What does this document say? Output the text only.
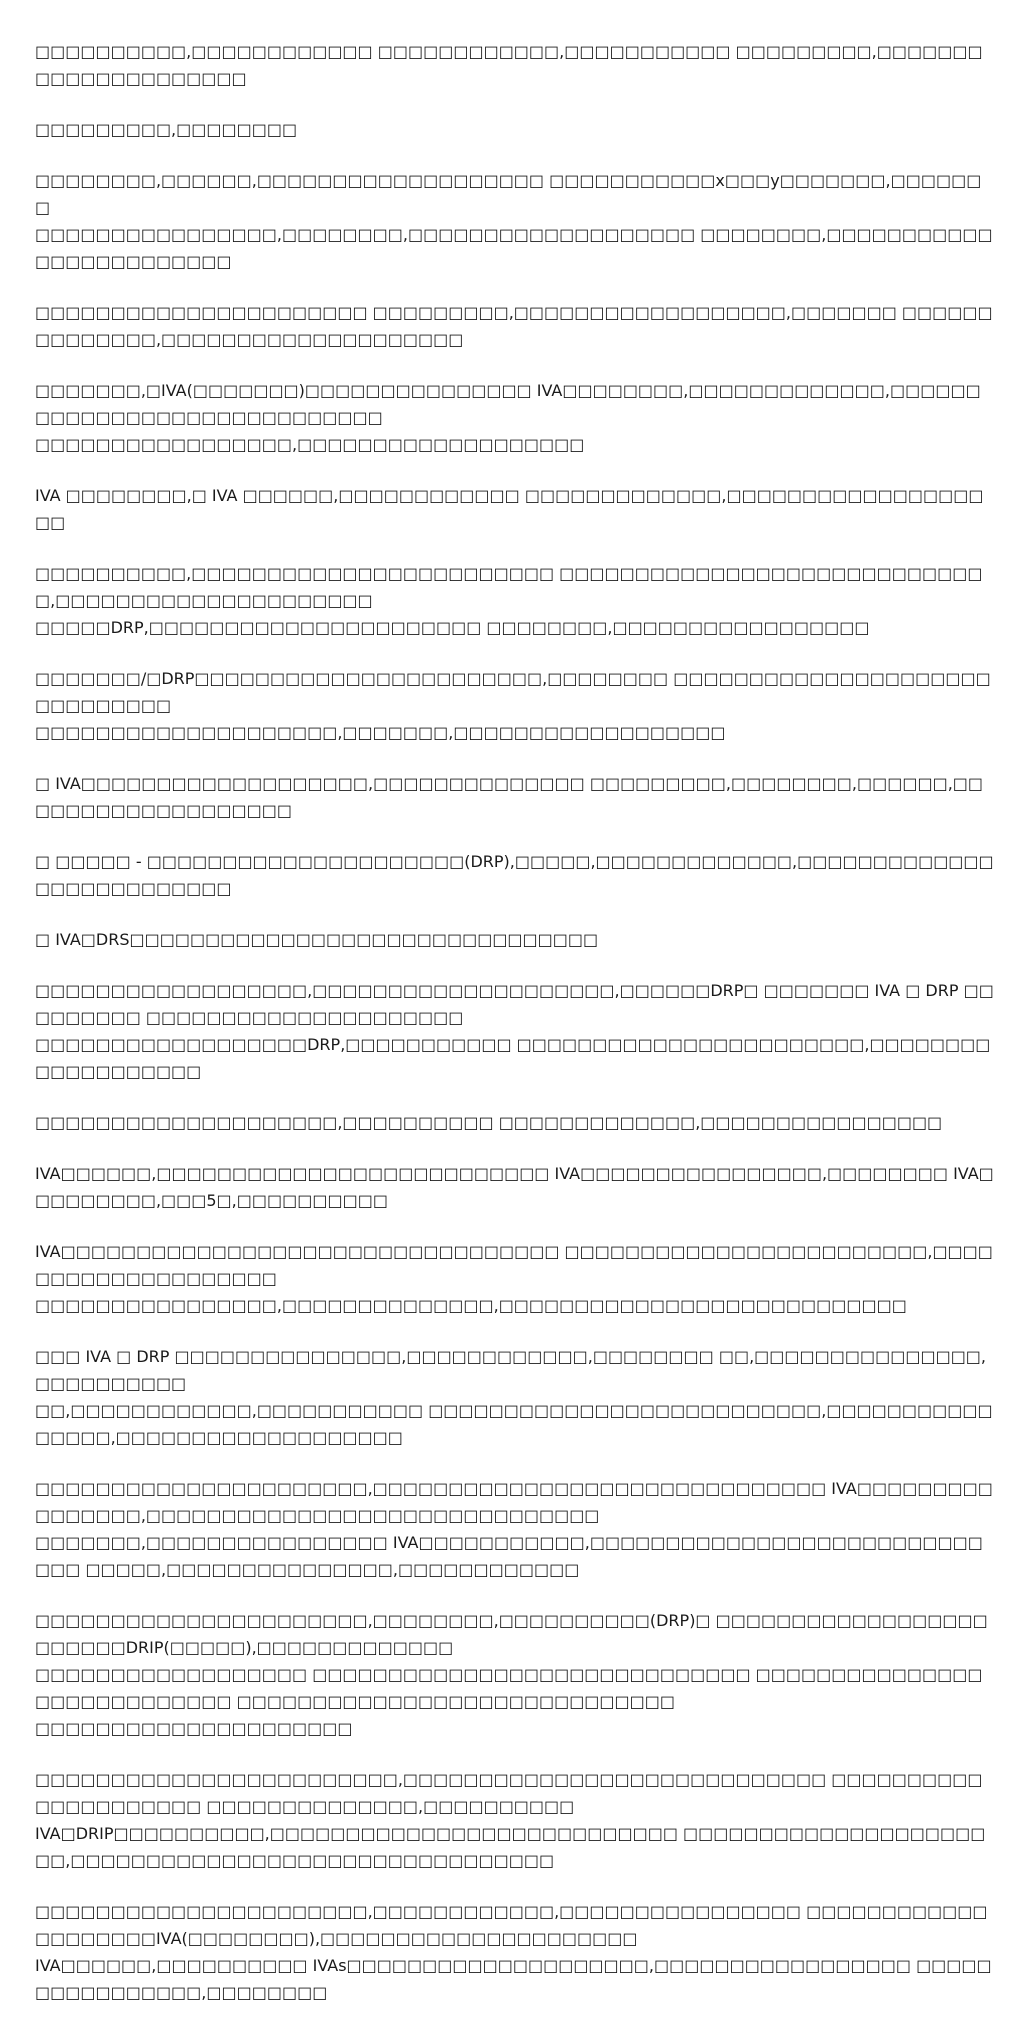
□□□□□□□□□□,□□□□□□□□□□□□ □□□□□□□□□□□□,□□□□□□□□□□□ □□□□□□□□□,□□□□□□□□□□□□□□□□□□□□□

□□□□□□□□□,□□□□□□□□

□□□□□□□□,□□□□□□,□□□□□□□□□□□□□□□□□□□ □□□□□□□□□□□x□□□y□□□□□□□,□□□□□□□
□□□□□□□□□□□□□□□□,□□□□□□□□,□□□□□□□□□□□□□□□□□□□ □□□□□□□□,□□□□□□□□□□□□□□□□□□□□□□□□

□□□□□□□□□□□□□□□□□□□□□□ □□□□□□□□□,□□□□□□□□□□□□□□□□□□,□□□□□□□ □□□□□□□□□□□□□□,□□□□□□□□□□□□□□□□□□□□

□□□□□□□,□IVA(□□□□□□□)□□□□□□□□□□□□□□□ IVA□□□□□□□□,□□□□□□□□□□□□□,□□□□□□□□□□□□□□□□□□□□□□□□□□□□□
□□□□□□□□□□□□□□□□□,□□□□□□□□□□□□□□□□□□□

IVA □□□□□□□□,□ IVA □□□□□□,□□□□□□□□□□□□ □□□□□□□□□□□□□,□□□□□□□□□□□□□□□□□□□

□□□□□□□□□□,□□□□□□□□□□□□□□□□□□□□□□□□ □□□□□□□□□□□□□□□□□□□□□□□□□□□□□,□□□□□□□□□□□□□□□□□□□□□
□□□□□DRP,□□□□□□□□□□□□□□□□□□□□□□ □□□□□□□□,□□□□□□□□□□□□□□□□□

□□□□□□□/□DRP□□□□□□□□□□□□□□□□□□□□□□□,□□□□□□□□ □□□□□□□□□□□□□□□□□□□□□□□□□□□□□□
□□□□□□□□□□□□□□□□□□□□,□□□□□□□,□□□□□□□□□□□□□□□□□□

□ IVA□□□□□□□□□□□□□□□□□□□,□□□□□□□□□□□□□□ □□□□□□□□□,□□□□□□□□,□□□□□□,□□□□□□□□□□□□□□□□□□□

□ □□□□□ - □□□□□□□□□□□□□□□□□□□□□(DRP),□□□□□,□□□□□□□□□□□□□,□□□□□□□□□□□□□□□□□□□□□□□□□□

□ IVA□DRS□□□□□□□□□□□□□□□□□□□□□□□□□□□□□□□

□□□□□□□□□□□□□□□□□□,□□□□□□□□□□□□□□□□□□□□,□□□□□□DRP□ □□□□□□□ IVA □ DRP □□□□□□□□□ □□□□□□□□□□□□□□□□□□□□□
□□□□□□□□□□□□□□□□□□DRP,□□□□□□□□□□□ □□□□□□□□□□□□□□□□□□□□□□□,□□□□□□□□□□□□□□□□□□□

□□□□□□□□□□□□□□□□□□□□,□□□□□□□□□□ □□□□□□□□□□□□□,□□□□□□□□□□□□□□□□

IVA□□□□□□,□□□□□□□□□□□□□□□□□□□□□□□□□□ IVA□□□□□□□□□□□□□□□□,□□□□□□□□ IVA□□□□□□□□□,□□□5□,□□□□□□□□□□

IVA□□□□□□□□□□□□□□□□□□□□□□□□□□□□□□□□□ □□□□□□□□□□□□□□□□□□□□□□□□,□□□□□□□□□□□□□□□□□□□□
□□□□□□□□□□□□□□□□,□□□□□□□□□□□□□□,□□□□□□□□□□□□□□□□□□□□□□□□□□□

□□□ IVA □ DRP □□□□□□□□□□□□□□□,□□□□□□□□□□□□,□□□□□□□□ □□,□□□□□□□□□□□□□□□,□□□□□□□□□□
□□,□□□□□□□□□□□□,□□□□□□□□□□□ □□□□□□□□□□□□□□□□□□□□□□□□□□,□□□□□□□□□□□□□□□□,□□□□□□□□□□□□□□□□□□□

□□□□□□□□□□□□□□□□□□□□□□,□□□□□□□□□□□□□□□□□□□□□□□□□□□□□□ IVA□□□□□□□□□□□□□□□□,□□□□□□□□□□□□□□□□□□□□□□□□□□□□□□
□□□□□□□,□□□□□□□□□□□□□□□□ IVA□□□□□□□□□□□,□□□□□□□□□□□□□□□□□□□□□□□□□□□□□ □□□□□,□□□□□□□□□□□□□□□,□□□□□□□□□□□□

□□□□□□□□□□□□□□□□□□□□□□,□□□□□□□□,□□□□□□□□□□(DRP)□ □□□□□□□□□□□□□□□□□□□□□□□□DRIP(□□□□□),□□□□□□□□□□□□□
□□□□□□□□□□□□□□□□□□ □□□□□□□□□□□□□□□□□□□□□□□□□□□□□ □□□□□□□□□□□□□□□□□□□□□□□□□□□□ □□□□□□□□□□□□□□□□□□□□□□□□□□□□□
□□□□□□□□□□□□□□□□□□□□□

□□□□□□□□□□□□□□□□□□□□□□□□,□□□□□□□□□□□□□□□□□□□□□□□□□□□□ □□□□□□□□□□□□□□□□□□□□□ □□□□□□□□□□□□□□,□□□□□□□□□□
IVA□DRIP□□□□□□□□□□,□□□□□□□□□□□□□□□□□□□□□□□□□□□ □□□□□□□□□□□□□□□□□□□□□□,□□□□□□□□□□□□□□□□□□□□□□□□□□□□□□□□

□□□□□□□□□□□□□□□□□□□□□□,□□□□□□□□□□□□,□□□□□□□□□□□□□□□□ □□□□□□□□□□□□□□□□□□□□IVA(□□□□□□□□),□□□□□□□□□□□□□□□□□□□□□
IVA□□□□□□,□□□□□□□□□□ IVAs□□□□□□□□□□□□□□□□□□□□,□□□□□□□□□□□□□□□□□ □□□□□□□□□□□□□□□□,□□□□□□□□
